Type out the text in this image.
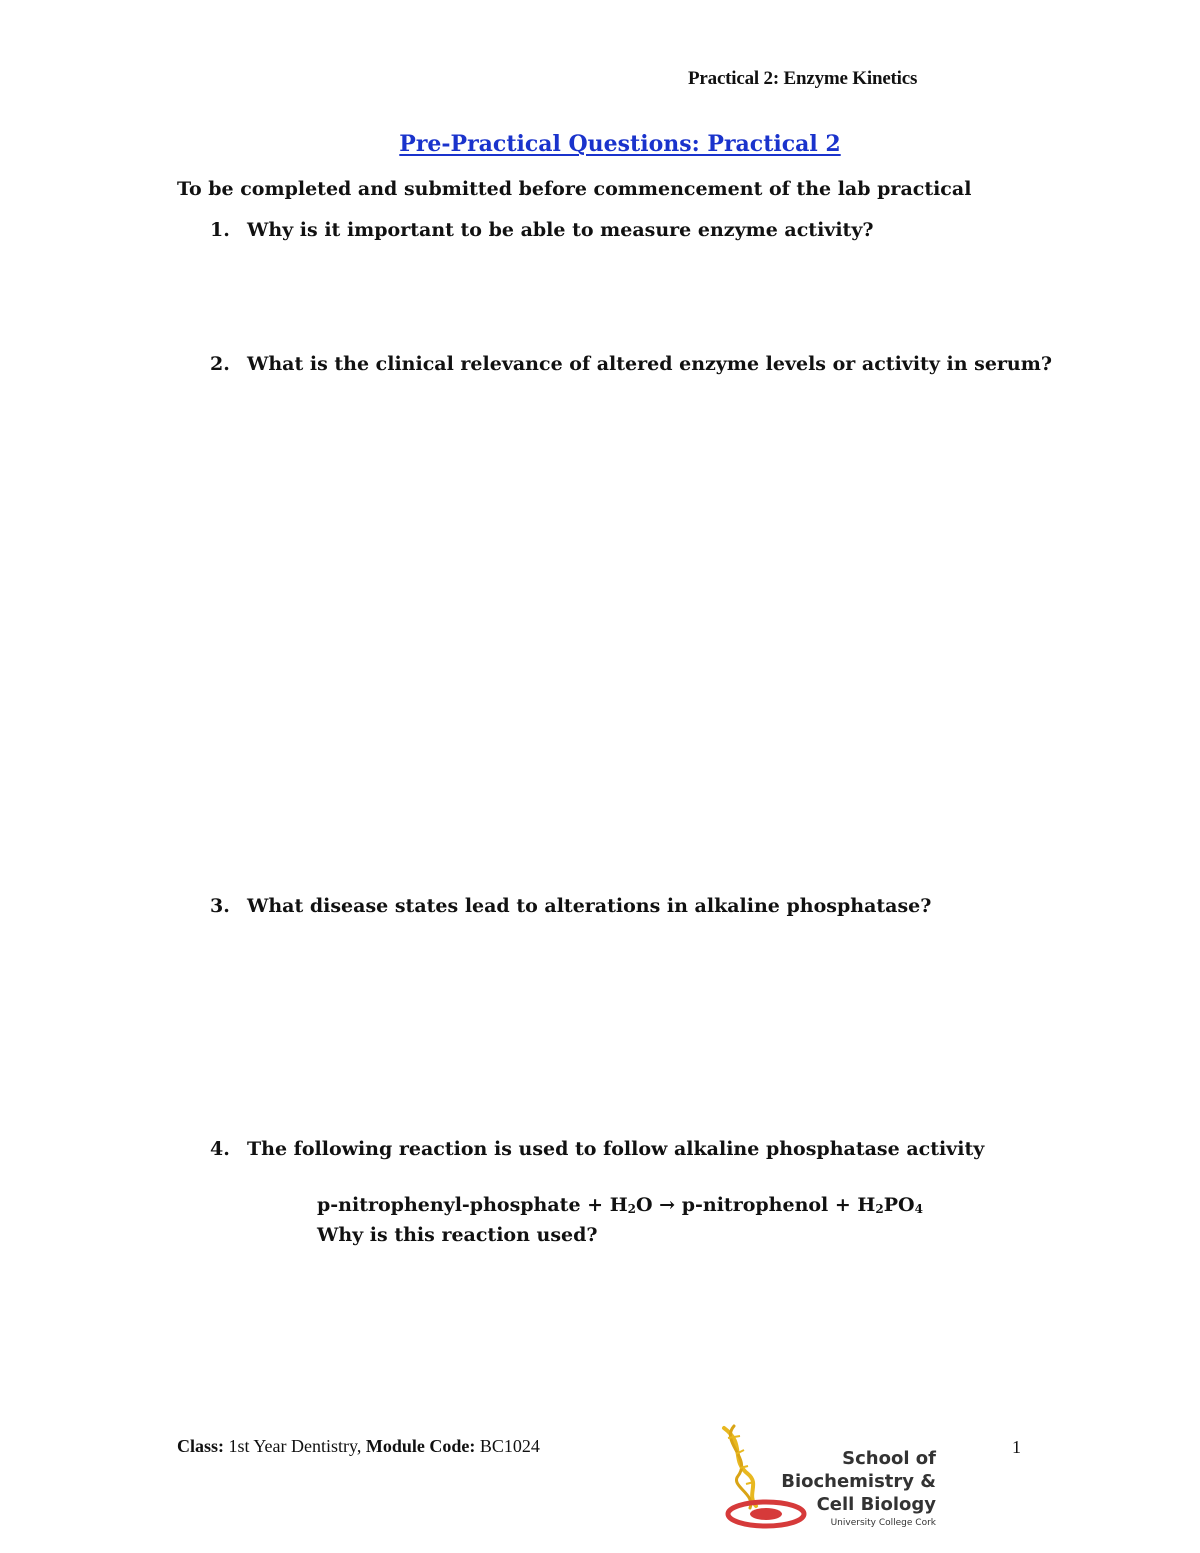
Practical 2: Enzyme Kinetics
Pre-Practical Questions: Practical 2
To be completed and submitted before commencement of the lab practical
1. Why is it important to be able to measure enzyme activity?
2. What is the clinical relevance of altered enzyme levels or activity in serum?
3. What disease states lead to alterations in alkaline phosphatase?
4. The following reaction is used to follow alkaline phosphatase activity
p-nitrophenyl-phosphate + $H_2O$ → p-nitrophenol + $H_2PO_4$
Why is this reaction used?
Class: 1st Year Dentistry, Module Code: BC1024
School of
Biochemistry &
Cell Biology
University College Cork
1
